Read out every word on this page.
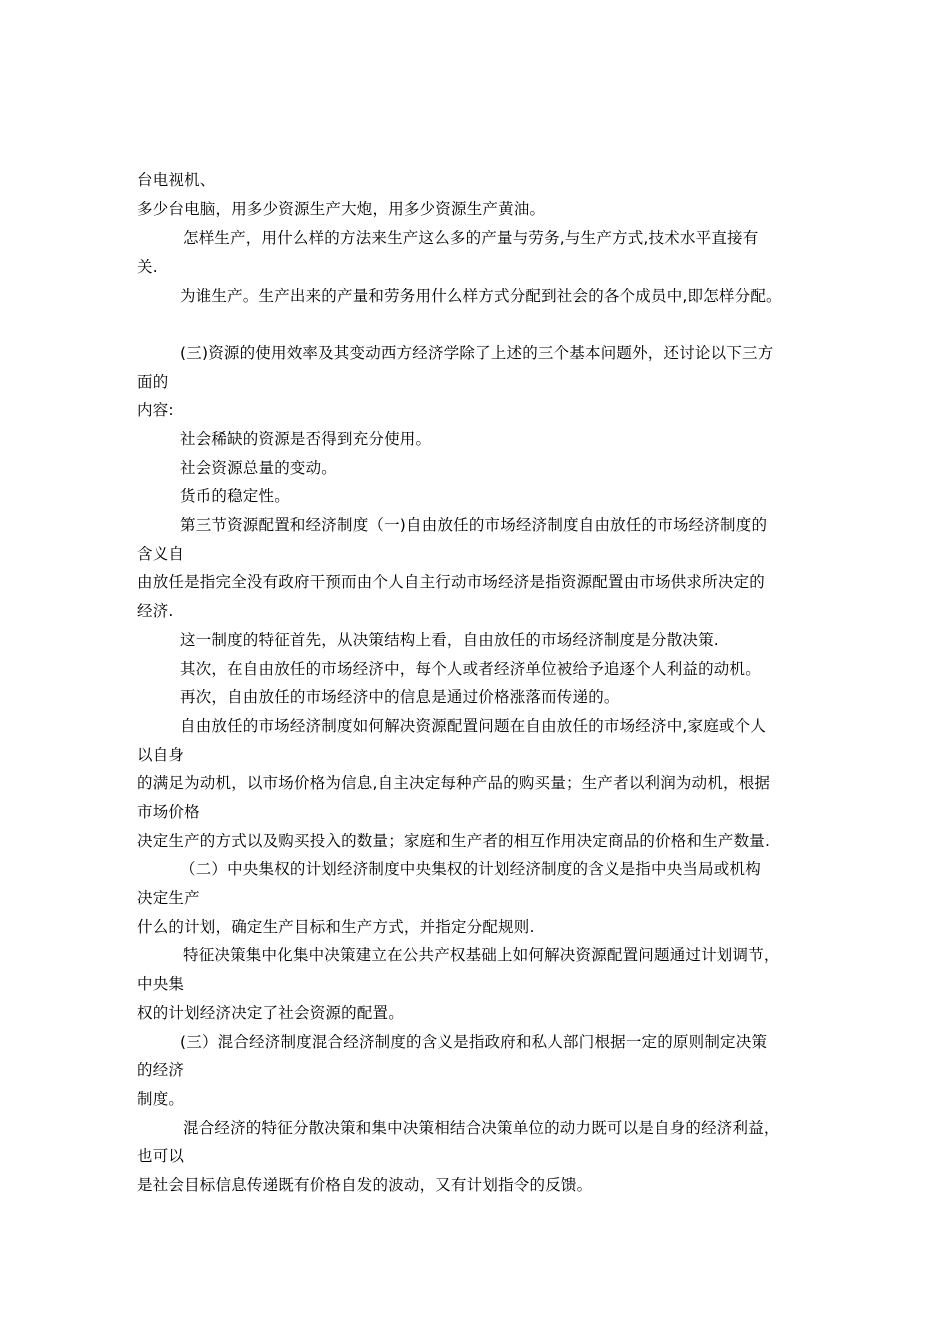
台电视机、
多少台电脑，用多少资源生产大炮，用多少资源生产黄油。
怎样生产，用什么样的方法来生产这么多的产量与劳务,与生产方式,技术水平直接有
关.
为谁生产。生产出来的产量和劳务用什么样方式分配到社会的各个成员中,即怎样分配。
(三)资源的使用效率及其变动西方经济学除了上述的三个基本问题外，还讨论以下三方
面的
内容:
社会稀缺的资源是否得到充分使用。
社会资源总量的变动。
货币的稳定性。
第三节资源配置和经济制度（一)自由放任的市场经济制度自由放任的市场经济制度的
含义自
由放任是指完全没有政府干预而由个人自主行动市场经济是指资源配置由市场供求所决定的
经济.
这一制度的特征首先，从决策结构上看，自由放任的市场经济制度是分散决策.
其次，在自由放任的市场经济中，每个人或者经济单位被给予追逐个人利益的动机。
再次，自由放任的市场经济中的信息是通过价格涨落而传递的。
自由放任的市场经济制度如何解决资源配置问题在自由放任的市场经济中,家庭或个人
以自身
的满足为动机，以市场价格为信息,自主决定每种产品的购买量；生产者以利润为动机，根据
市场价格
决定生产的方式以及购买投入的数量；家庭和生产者的相互作用决定商品的价格和生产数量.
（二）中央集权的计划经济制度中央集权的计划经济制度的含义是指中央当局或机构
决定生产
什么的计划，确定生产目标和生产方式，并指定分配规则.
特征决策集中化集中决策建立在公共产权基础上如何解决资源配置问题通过计划调节，
中央集
权的计划经济决定了社会资源的配置。
(三）混合经济制度混合经济制度的含义是指政府和私人部门根据一定的原则制定决策
的经济
制度。
混合经济的特征分散决策和集中决策相结合决策单位的动力既可以是自身的经济利益，
也可以
是社会目标信息传递既有价格自发的波动，又有计划指令的反馈。
